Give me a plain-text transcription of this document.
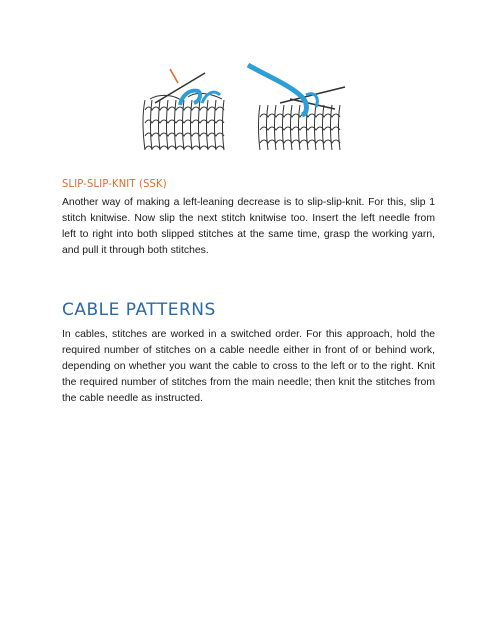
SLIP-SLIP-KNIT (SSK)

Another way of making a left-leaning decrease is to slip-slip-knit. For this, slip 1 stitch knitwise. Now slip the next stitch knitwise too. Insert the left needle from left to right into both slipped stitches at the same time, grasp the working yarn, and pull it through both stitches.

CABLE PATTERNS

In cables, stitches are worked in a switched order. For this approach, hold the required number of stitches on a cable needle either in front of or behind work, depending on whether you want the cable to cross to the left or to the right. Knit the required number of stitches from the main needle; then knit the stitches from the cable needle as instructed.
